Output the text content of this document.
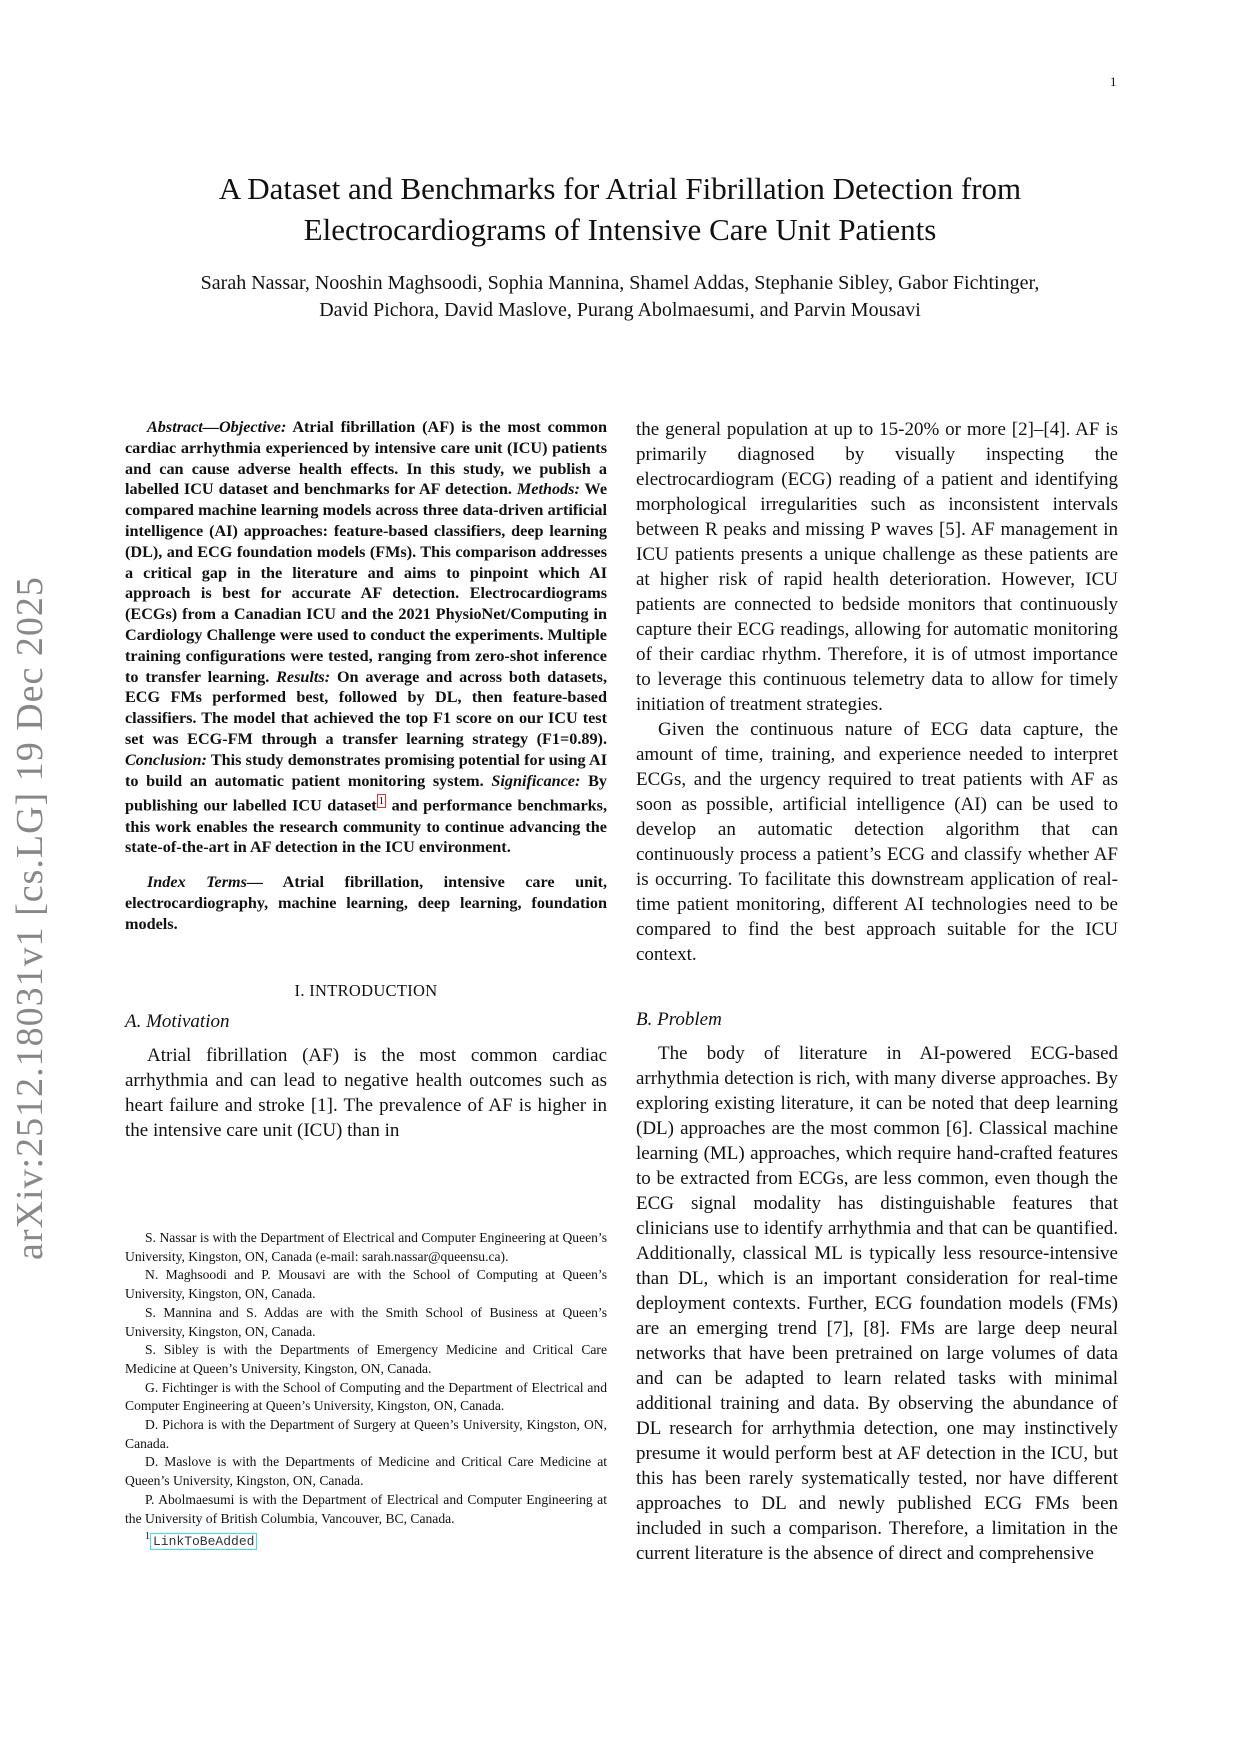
1
arXiv:2512.18031v1 [cs.LG] 19 Dec 2025
A Dataset and Benchmarks for Atrial Fibrillation Detection from
Electrocardiograms of Intensive Care Unit Patients
Sarah Nassar, Nooshin Maghsoodi, Sophia Mannina, Shamel Addas, Stephanie Sibley, Gabor Fichtinger,
David Pichora, David Maslove, Purang Abolmaesumi, and Parvin Mousavi

Abstract—Objective: Atrial fibrillation (AF) is the most common cardiac arrhythmia experienced by intensive care unit (ICU) patients and can cause adverse health effects. In this study, we publish a labelled ICU dataset and benchmarks for AF detection. Methods: We compared machine learning models across three data-driven artificial intelligence (AI) approaches: feature-based classifiers, deep learning (DL), and ECG foundation models (FMs). This comparison addresses a critical gap in the literature and aims to pinpoint which AI approach is best for accurate AF detection. Electrocardiograms (ECGs) from a Canadian ICU and the 2021 PhysioNet/Computing in Cardiology Challenge were used to conduct the experiments. Multiple training configurations were tested, ranging from zero-shot inference to transfer learning. Results: On average and across both datasets, ECG FMs performed best, followed by DL, then feature-based classifiers. The model that achieved the top F1 score on our ICU test set was ECG-FM through a transfer learning strategy (F1=0.89). Conclusion: This study demonstrates promising potential for using AI to build an automatic patient monitoring system. Significance: By publishing our labelled ICU dataset $^1$ and performance benchmarks, this work enables the research community to continue advancing the state-of-the-art in AF detection in the ICU environment.

Index Terms— Atrial fibrillation, intensive care unit, electrocardiography, machine learning, deep learning, foundation models.

I. INTRODUCTION
A. Motivation

Atrial fibrillation (AF) is the most common cardiac arrhythmia and can lead to negative health outcomes such as heart failure and stroke [1]. The prevalence of AF is higher in the intensive care unit (ICU) than in

S. Nassar is with the Department of Electrical and Computer Engineering at Queen’s University, Kingston, ON, Canada (e-mail: sarah.nassar@queensu.ca).

N. Maghsoodi and P. Mousavi are with the School of Computing at Queen’s University, Kingston, ON, Canada.

S. Mannina and S. Addas are with the Smith School of Business at Queen’s University, Kingston, ON, Canada.

S. Sibley is with the Departments of Emergency Medicine and Critical Care Medicine at Queen’s University, Kingston, ON, Canada.

G. Fichtinger is with the School of Computing and the Department of Electrical and Computer Engineering at Queen’s University, Kingston, ON, Canada.

D. Pichora is with the Department of Surgery at Queen’s University, Kingston, ON, Canada.

D. Maslove is with the Departments of Medicine and Critical Care Medicine at Queen’s University, Kingston, ON, Canada.

P. Abolmaesumi is with the Department of Electrical and Computer Engineering at the University of British Columbia, Vancouver, BC, Canada.

$^1$ LinkToBeAdded

the general population at up to 15-20% or more [2]–[4]. AF is primarily diagnosed by visually inspecting the electrocardiogram (ECG) reading of a patient and identifying morphological irregularities such as inconsistent intervals between R peaks and missing P waves [5]. AF management in ICU patients presents a unique challenge as these patients are at higher risk of rapid health deterioration. However, ICU patients are connected to bedside monitors that continuously capture their ECG readings, allowing for automatic monitoring of their cardiac rhythm. Therefore, it is of utmost importance to leverage this continuous telemetry data to allow for timely initiation of treatment strategies.

Given the continuous nature of ECG data capture, the amount of time, training, and experience needed to interpret ECGs, and the urgency required to treat patients with AF as soon as possible, artificial intelligence (AI) can be used to develop an automatic detection algorithm that can continuously process a patient’s ECG and classify whether AF is occurring. To facilitate this downstream application of real-time patient monitoring, different AI technologies need to be compared to find the best approach suitable for the ICU context.

B. Problem

The body of literature in AI-powered ECG-based arrhythmia detection is rich, with many diverse approaches. By exploring existing literature, it can be noted that deep learning (DL) approaches are the most common [6]. Classical machine learning (ML) approaches, which require hand-crafted features to be extracted from ECGs, are less common, even though the ECG signal modality has distinguishable features that clinicians use to identify arrhythmia and that can be quantified. Additionally, classical ML is typically less resource-intensive than DL, which is an important consideration for real-time deployment contexts. Further, ECG foundation models (FMs) are an emerging trend [7], [8]. FMs are large deep neural networks that have been pretrained on large volumes of data and can be adapted to learn related tasks with minimal additional training and data. By observing the abundance of DL research for arrhythmia detection, one may instinctively presume it would perform best at AF detection in the ICU, but this has been rarely systematically tested, nor have different approaches to DL and newly published ECG FMs been included in such a comparison. Therefore, a limitation in the current literature is the absence of direct and comprehensive
